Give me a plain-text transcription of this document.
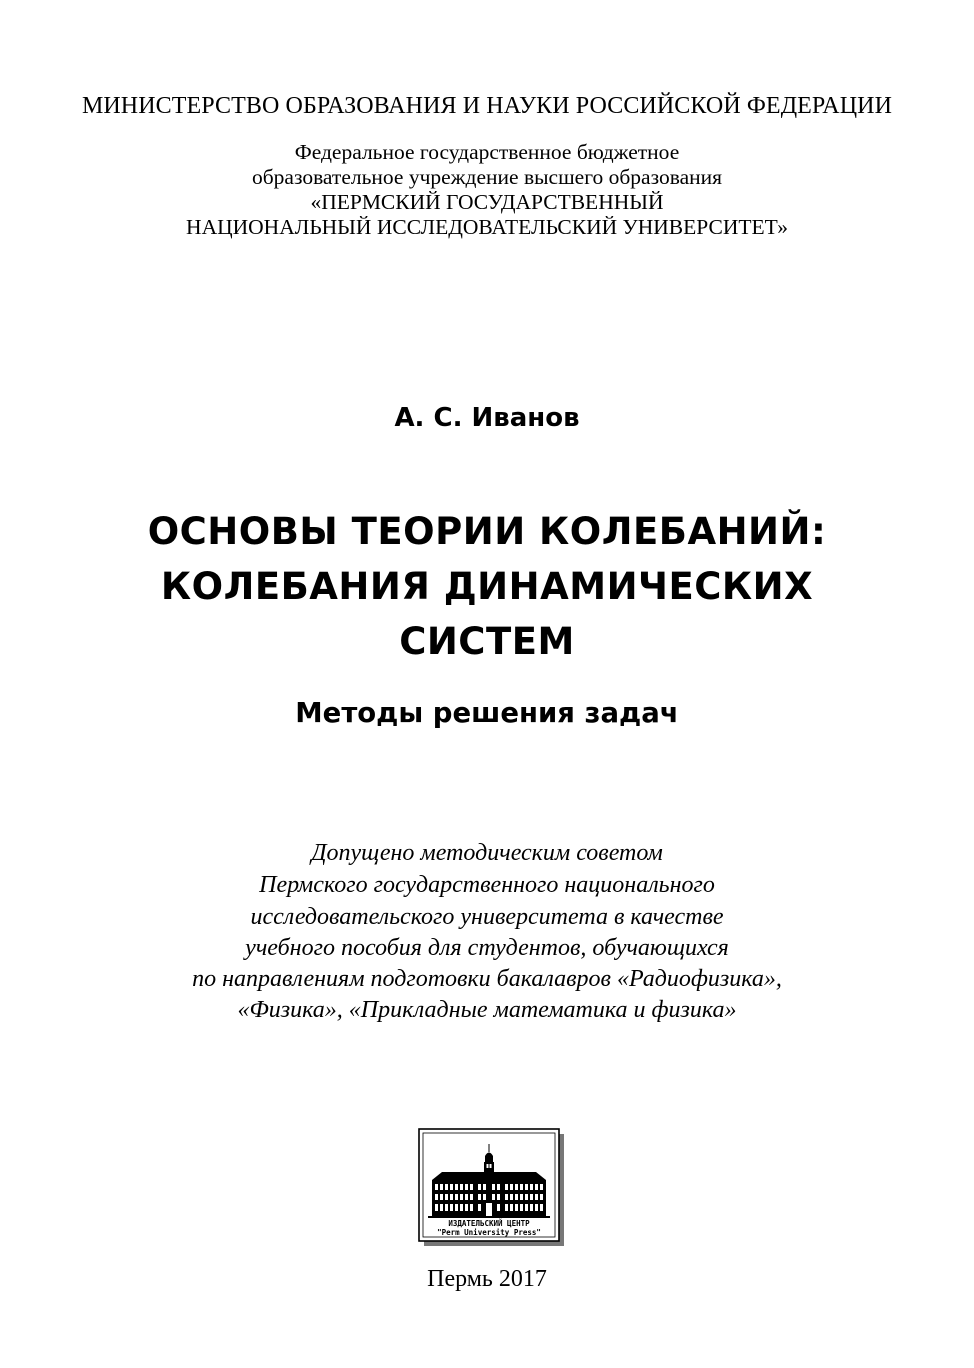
МИНИСТЕРСТВО ОБРАЗОВАНИЯ И НАУКИ РОССИЙСКОЙ ФЕДЕРАЦИИ

Федеральное государственное бюджетное

образовательное учреждение высшего образования

«ПЕРМСКИЙ ГОСУДАРСТВЕННЫЙ

НАЦИОНАЛЬНЫЙ ИССЛЕДОВАТЕЛЬСКИЙ УНИВЕРСИТЕТ»

А. С. Иванов

ОСНОВЫ ТЕОРИИ КОЛЕБАНИЙ:

КОЛЕБАНИЯ ДИНАМИЧЕСКИХ

СИСТЕМ

Методы решения задач

Допущено методическим советом

Пермского государственного национального

исследовательского университета в качестве

учебного пособия для студентов, обучающихся

по направлениям подготовки бакалавров «Радиофизика»,

«Физика», «Прикладные математика и физика»

ИЗДАТЕЛЬСКИЙ ЦЕНТР
"Perm University Press"

Пермь 2017
